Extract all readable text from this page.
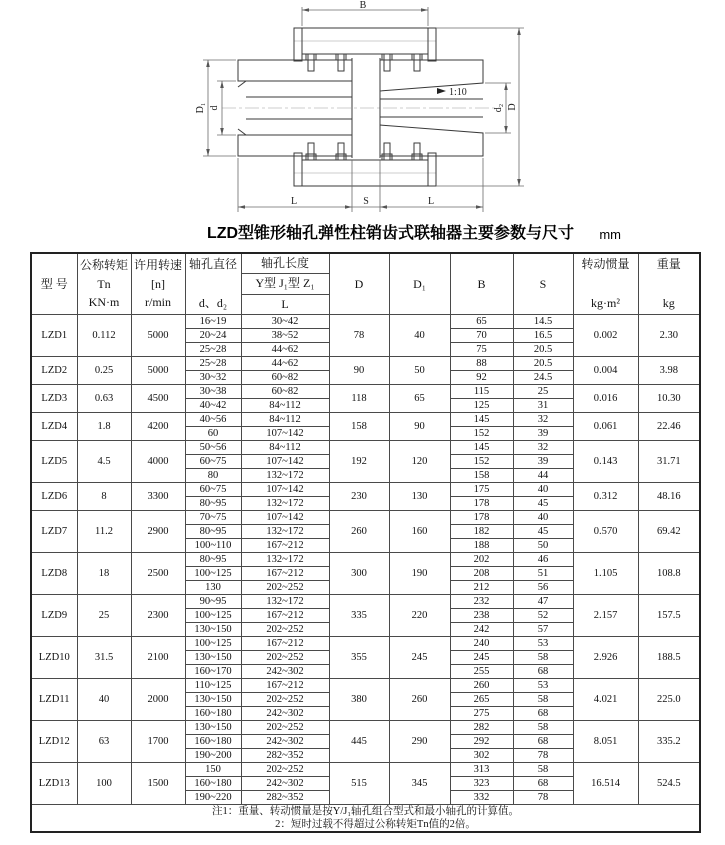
1:10
B
D
d₂
D₁ d
L	S	L
LZD型锥形轴孔弹性柱销齿式联轴器主要参数与尺寸 mm
型 号

公称转矩
Tn
KN·m

许用转速
[n]
r/min

轴孔直径
d、d₂

轴孔长度
Y型 J₁型 Z₁
L

D	D₁	B	S

转动惯量
kg·m²

重量
kg

LZD1	0.112	5000	16~19	30~42	78	40	65	14.5	0.002	2.30
			20~24	38~52			70	16.5		
			25~28	44~62			75	20.5		
LZD2	0.25	5000	25~28	44~62	90	50	88	20.5	0.004	3.98
			30~32	60~82			92	24.5		
LZD3	0.63	4500	30~38	60~82	118	65	115	25	0.016	10.30
			40~42	84~112			125	31		
LZD4	1.8	4200	40~56	84~112	158	90	145	32	0.061	22.46
			60	107~142			152	39		
LZD5	4.5	4000	50~56	84~112	192	120	145	32	0.143	31.71
			60~75	107~142			152	39		
			80	132~172			158	44		
LZD6	8	3300	60~75	107~142	230	130	175	40	0.312	48.16
			80~95	132~172			178	45		
LZD7	11.2	2900	70~75	107~142	260	160	178	40	0.570	69.42
			80~95	132~172			182	45		
			100~110	167~212			188	50		
LZD8	18	2500	80~95	132~172	300	190	202	46	1.105	108.8
			100~125	167~212			208	51		
			130	202~252			212	56		
LZD9	25	2300	90~95	132~172	335	220	232	47	2.157	157.5
			100~125	167~212			238	52		
			130~150	202~252			242	57		
LZD10	31.5	2100	100~125	167~212	355	245	240	53	2.926	188.5
			130~150	202~252			245	58		
			160~170	242~302			255	68		
LZD11	40	2000	110~125	167~212	380	260	260	53	4.021	225.0
			130~150	202~252			265	58		
			160~180	242~302			275	68		
LZD12	63	1700	130~150	202~252	445	290	282	58	8.051	335.2
			160~180	242~302			292	68		
			190~200	282~352			302	78		
LZD13	100	1500	150	202~252	515	345	313	58	16.514	524.5
			160~180	242~302			323	68		
			190~220	282~352			332	78		

注1：重量、转动惯量是按Y/J₁轴孔组合型式和最小轴孔的计算值。
2：短时过载不得超过公称转矩Tn值的2倍。										
